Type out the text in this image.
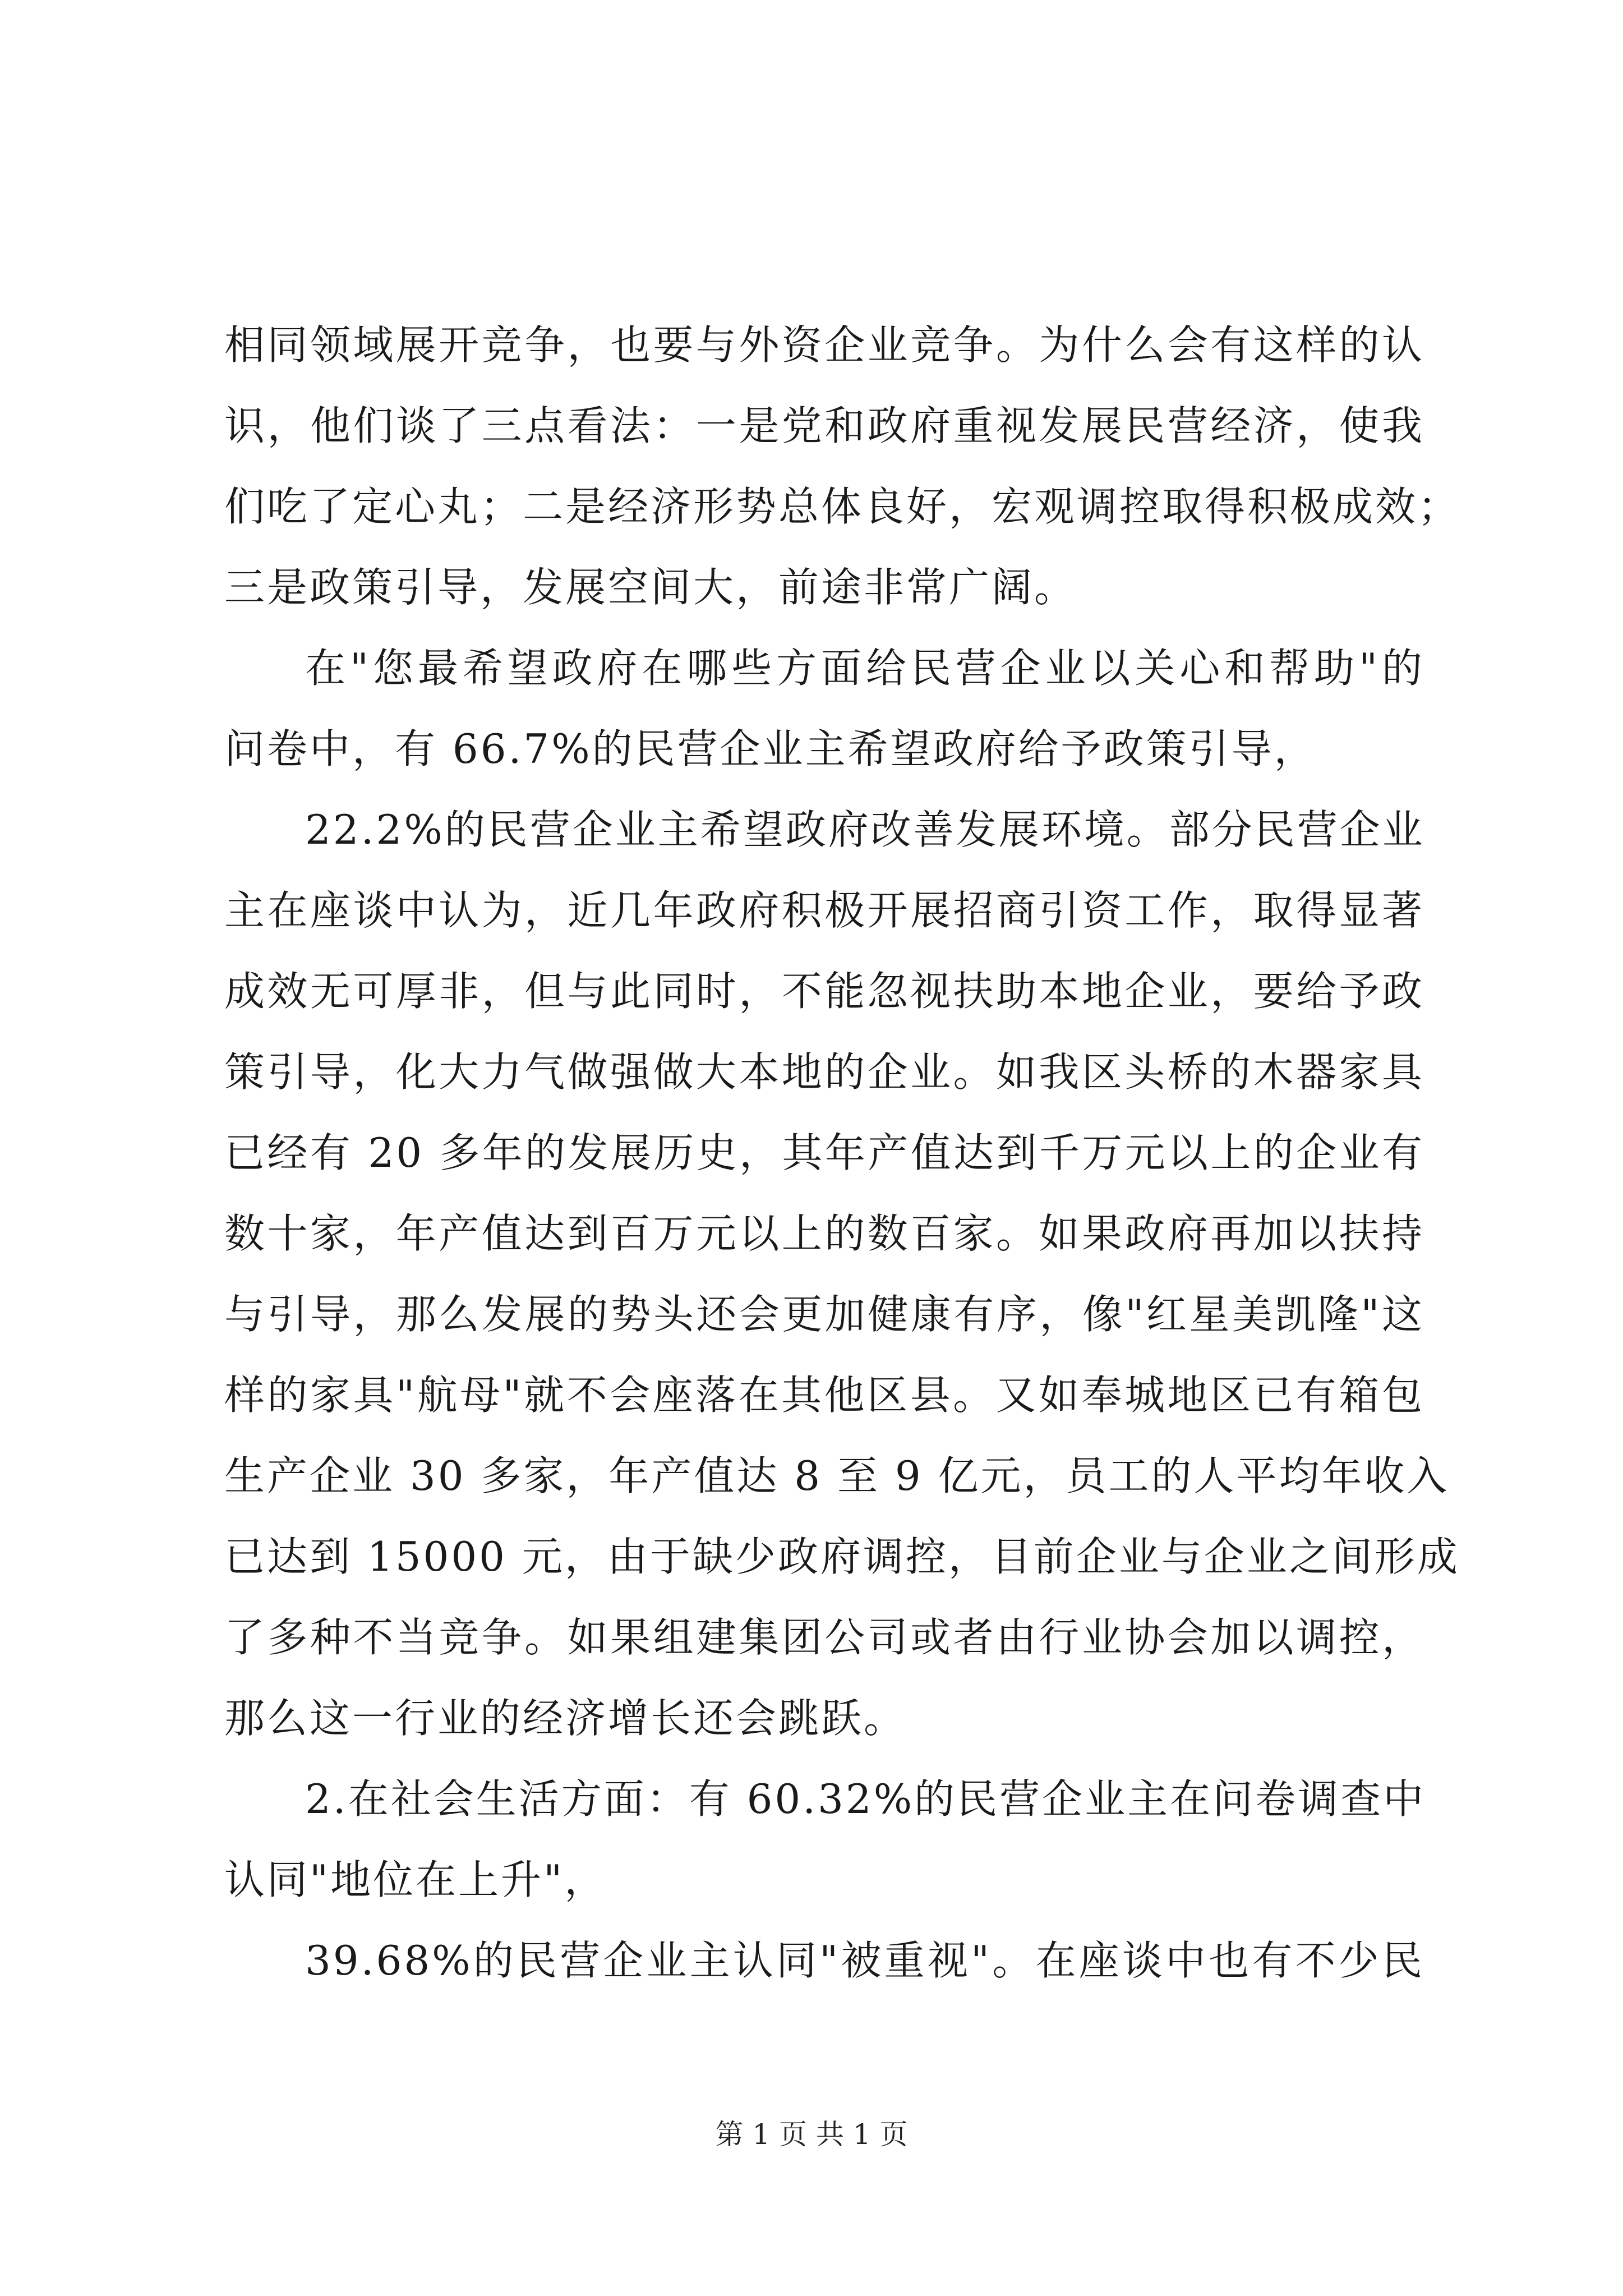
相同领域展开竞争，也要与外资企业竞争。为什么会有这样的认
识，他们谈了三点看法：一是党和政府重视发展民营经济，使我
们吃了定心丸；二是经济形势总体良好，宏观调控取得积极成效；
三是政策引导，发展空间大，前途非常广阔。
在"您最希望政府在哪些方面给民营企业以关心和帮助"的
问卷中，有 66.7%的民营企业主希望政府给予政策引导，
22.2%的民营企业主希望政府改善发展环境。部分民营企业
主在座谈中认为，近几年政府积极开展招商引资工作，取得显著
成效无可厚非，但与此同时，不能忽视扶助本地企业，要给予政
策引导，化大力气做强做大本地的企业。如我区头桥的木器家具
已经有 20 多年的发展历史，其年产值达到千万元以上的企业有
数十家，年产值达到百万元以上的数百家。如果政府再加以扶持
与引导，那么发展的势头还会更加健康有序，像"红星美凯隆"这
样的家具"航母"就不会座落在其他区县。又如奉城地区已有箱包
生产企业 30 多家，年产值达 8 至 9 亿元，员工的人平均年收入
已达到 15000 元，由于缺少政府调控，目前企业与企业之间形成
了多种不当竞争。如果组建集团公司或者由行业协会加以调控，
那么这一行业的经济增长还会跳跃。
2.在社会生活方面：有 60.32%的民营企业主在问卷调查中
认同"地位在上升"，
39.68%的民营企业主认同"被重视"。在座谈中也有不少民
第 1 页 共 1 页
